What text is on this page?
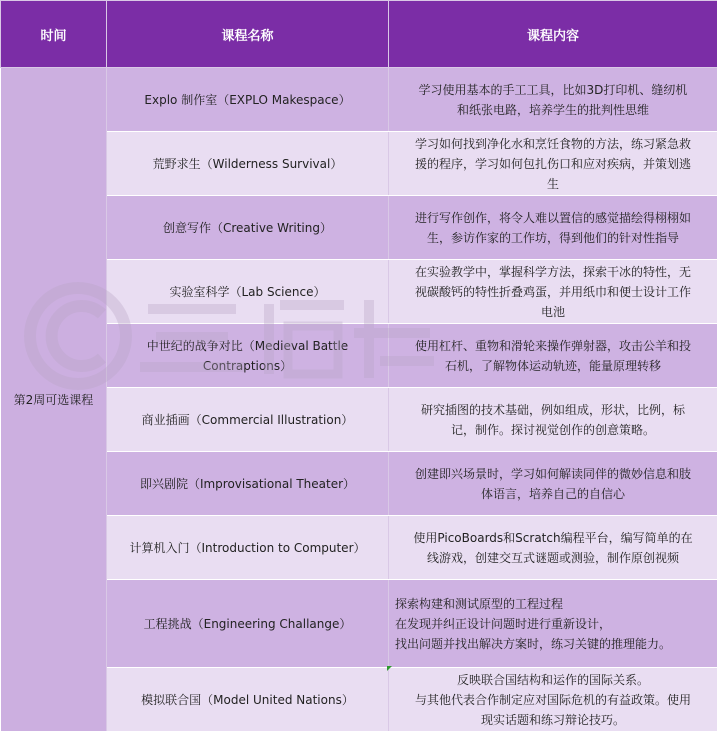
时间	课程名称	课程内容
第2周可选课程	Explo 制作室（EXPLO Makespace）	学习使用基本的手工工具，比如3D打印机、缝纫机
和纸张电路，培养学生的批判性思维

	荒野求生（Wilderness Survival）	学习如何找到净化水和烹饪食物的方法，练习紧急救
援的程序，学习如何包扎伤口和应对疾病，并策划逃
生

	创意写作（Creative Writing）	进行写作创作，将令人难以置信的感觉描绘得栩栩如
生，参访作家的工作坊，得到他们的针对性指导

	实验室科学（Lab Science）	在实验教学中，掌握科学方法，探索干冰的特性，无
视碳酸钙的特性折叠鸡蛋，并用纸巾和便士设计工作
电池

	中世纪的战争对比（Medieval Battle
Contraptions）	使用杠杆、重物和滑轮来操作弹射器，攻击公羊和投
石机，了解物体运动轨迹，能量原理转移

	商业插画（Commercial Illustration）	研究插图的技术基础，例如组成，形状，比例，标
记，制作。探讨视觉创作的创意策略。

	即兴剧院（Improvisational Theater）	创建即兴场景时，学习如何解读同伴的微妙信息和肢
体语言，培养自己的自信心

	计算机入门（Introduction to Computer）	使用PicoBoards和Scratch编程平台，编写简单的在
线游戏，创建交互式谜题或测验，制作原创视频

	工程挑战（Engineering Challange）	探索构建和测试原型的工程过程
在发现并纠正设计问题时进行重新设计，
找出问题并找出解决方案时，练习关键的推理能力。

	模拟联合国（Model United Nations）	反映联合国结构和运作的国际关系。
与其他代表合作制定应对国际危机的有益政策。使用
现实话题和练习辩论技巧。
